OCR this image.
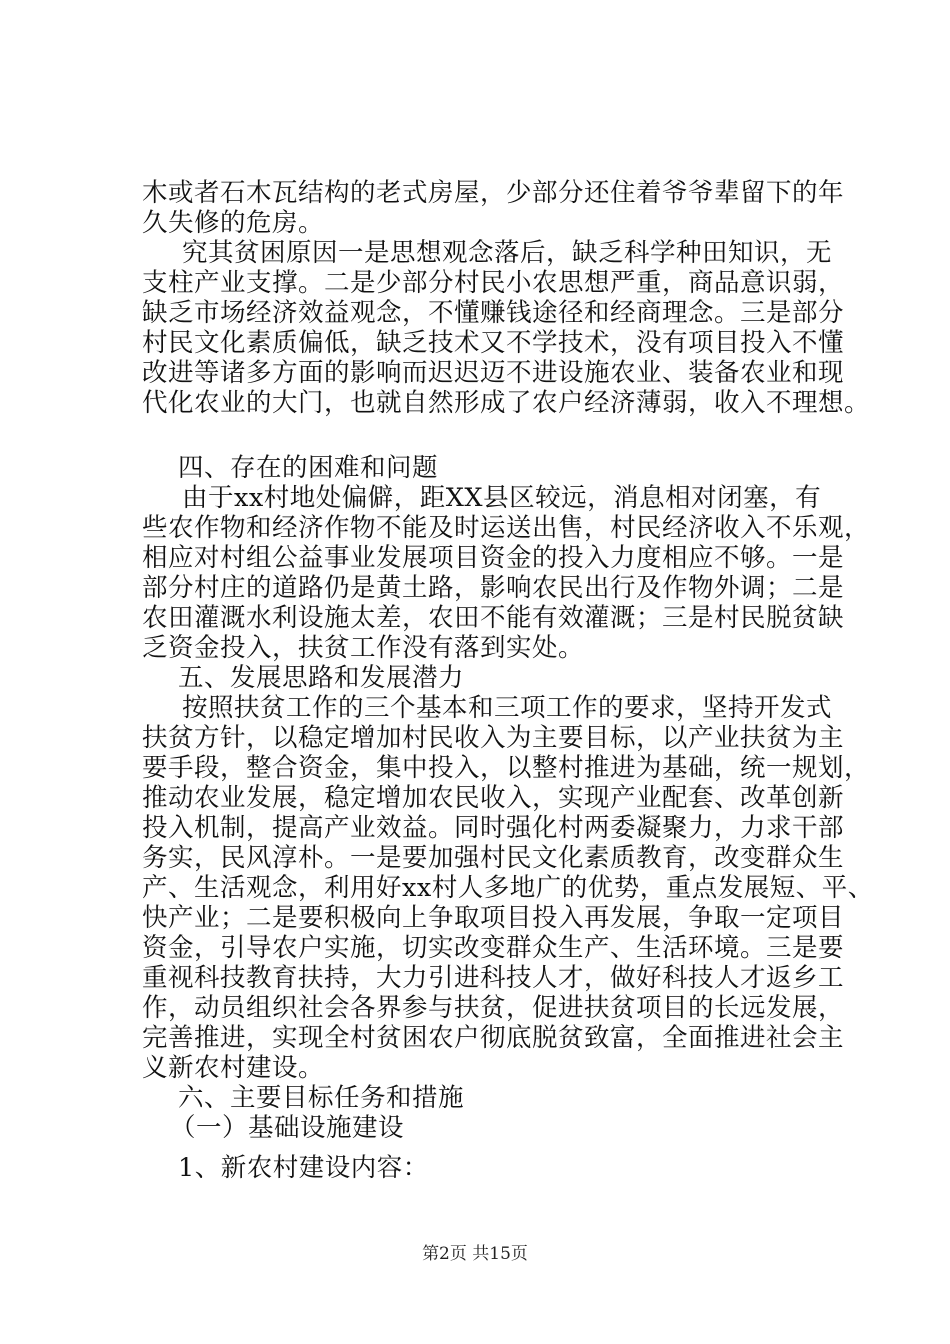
木或者石木瓦结构的老式房屋，少部分还住着爷爷辈留下的年
久失修的危房。
究其贫困原因一是思想观念落后，缺乏科学种田知识，无
支柱产业支撑。二是少部分村民小农思想严重，商品意识弱，
缺乏市场经济效益观念，不懂赚钱途径和经商理念。三是部分
村民文化素质偏低，缺乏技术又不学技术，没有项目投入不懂
改进等诸多方面的影响而迟迟迈不进设施农业、装备农业和现
代化农业的大门，也就自然形成了农户经济薄弱，收入不理想。
四、存在的困难和问题
由于xx村地处偏僻，距XX县区较远，消息相对闭塞，有
些农作物和经济作物不能及时运送出售，村民经济收入不乐观，
相应对村组公益事业发展项目资金的投入力度相应不够。一是
部分村庄的道路仍是黄土路，影响农民出行及作物外调；二是
农田灌溉水利设施太差，农田不能有效灌溉；三是村民脱贫缺
乏资金投入，扶贫工作没有落到实处。
五、发展思路和发展潜力
按照扶贫工作的三个基本和三项工作的要求，坚持开发式
扶贫方针，以稳定增加村民收入为主要目标，以产业扶贫为主
要手段，整合资金，集中投入，以整村推进为基础，统一规划，
推动农业发展，稳定增加农民收入，实现产业配套、改革创新
投入机制，提高产业效益。同时强化村两委凝聚力，力求干部
务实，民风淳朴。一是要加强村民文化素质教育，改变群众生
产、生活观念，利用好xx村人多地广的优势，重点发展短、平、
快产业；二是要积极向上争取项目投入再发展，争取一定项目
资金，引导农户实施，切实改变群众生产、生活环境。三是要
重视科技教育扶持，大力引进科技人才，做好科技人才返乡工
作，动员组织社会各界参与扶贫，促进扶贫项目的长远发展，
完善推进，实现全村贫困农户彻底脱贫致富，全面推进社会主
义新农村建设。
六、主要目标任务和措施
（一）基础设施建设
1、新农村建设内容：
第2页 共15页
